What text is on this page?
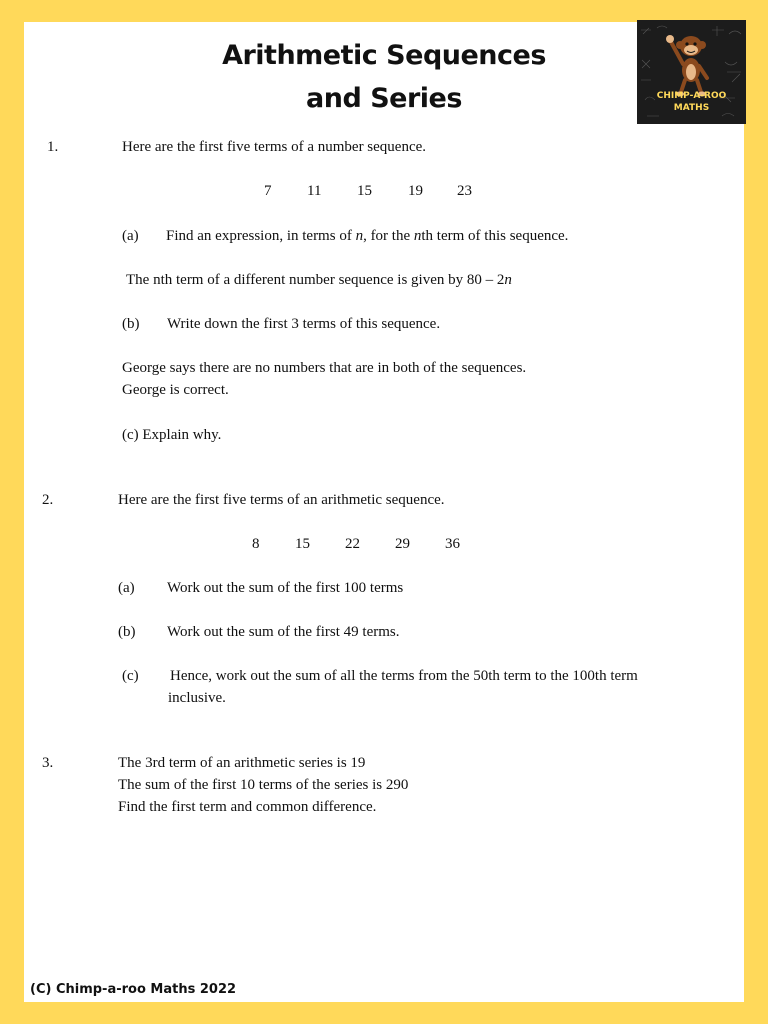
Arithmetic Sequences
and Series	CHIMP-A-ROO
MATHS
1.	Here are the first five terms of a number sequence.
7 11 15 19 23
(a) Find an expression, in terms of n, for the nth term of this sequence.
The nth term of a different number sequence is given by 80 – 2n
(b) Write down the first 3 terms of this sequence.
George says there are no numbers that are in both of the sequences.
George is correct.
(c) Explain why.
2.	Here are the first five terms of an arithmetic sequence.
8 15 22 29 36
(a) Work out the sum of the first 100 terms
(b) Work out the sum of the first 49 terms.
(c) Hence, work out the sum of all the terms from the 50th term to the 100th term
inclusive.
3.	The 3rd term of an arithmetic series is 19
The sum of the first 10 terms of the series is 290
Find the first term and common difference.
(C) Chimp-a-roo Maths 2022
